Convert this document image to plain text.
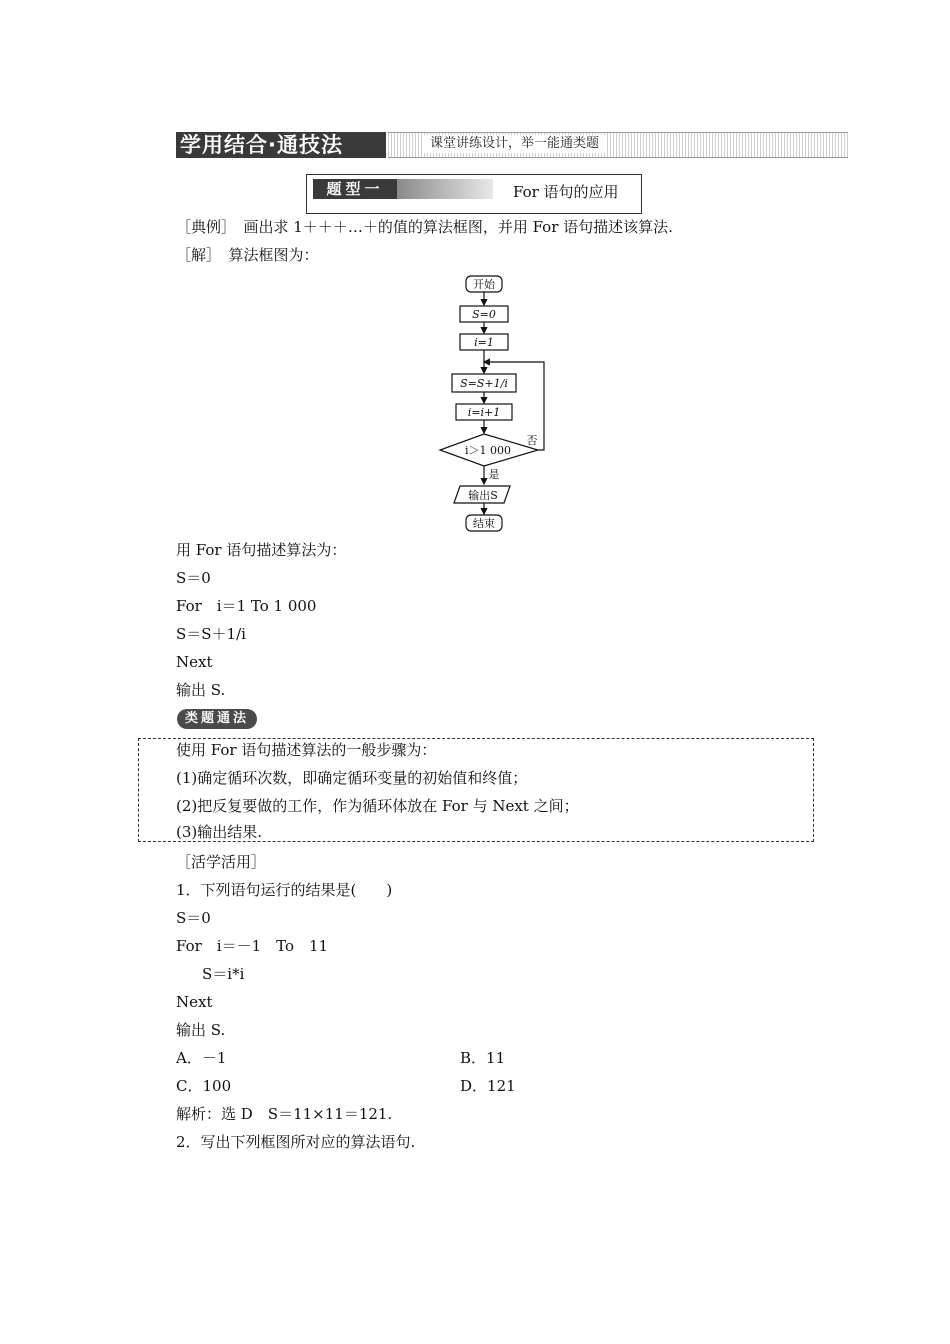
学用结合·通技法	课堂讲练设计，举一能通类题
题型一	For 语句的应用
［典例］　画出求 1＋＋＋…＋的值的算法框图，并用 For 语句描述该算法.
［解］　算法框图为：
开始
S=0
i=1
S=S+1/i
i=i+1
i＞1 000
否
是
输出S
结束
用 For 语句描述算法为：
S＝0
For　i＝1 To 1 000
S＝S＋1/i
Next
输出 S.
类题通法
使用 For 语句描述算法的一般步骤为：
(1)确定循环次数，即确定循环变量的初始值和终值；
(2)把反复要做的工作，作为循环体放在 For 与 Next 之间；
(3)输出结果.
［活学活用］
1．下列语句运行的结果是(　　)
S＝0
For　i＝－1　To　11
S＝i*i
Next
输出 S.
A．－1	B．11
C．100	D．121
解析：选 D　S＝11×11＝121.
2．写出下列框图所对应的算法语句.
